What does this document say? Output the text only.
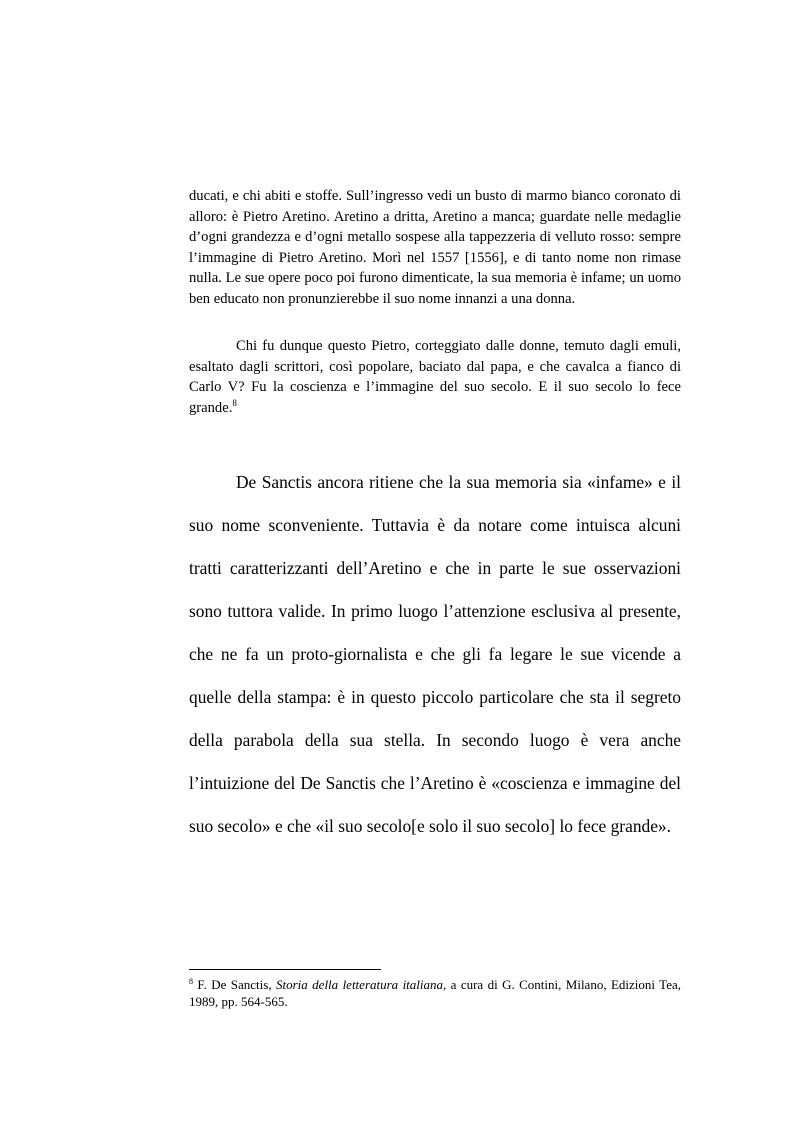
ducati, e chi abiti e stoffe. Sull’ingresso vedi un busto di marmo bianco coronato di alloro: è Pietro Aretino. Aretino a dritta, Aretino a manca; guardate nelle medaglie d’ogni grandezza e d’ogni metallo sospese alla tappezzeria di velluto rosso: sempre l’immagine di Pietro Aretino. Morì nel 1557 [1556], e di tanto nome non rimase nulla. Le sue opere poco poi furono dimenticate, la sua memoria è infame; un uomo ben educato non pronunzierebbe il suo nome innanzi a una donna.

Chi fu dunque questo Pietro, corteggiato dalle donne, temuto dagli emuli, esaltato dagli scrittori, così popolare, baciato dal papa, e che cavalca a fianco di Carlo V? Fu la coscienza e l’immagine del suo secolo. E il suo secolo lo fece grande.$^8$

De Sanctis ancora ritiene che la sua memoria sia «infame» e il suo nome sconveniente. Tuttavia è da notare come intuisca alcuni tratti caratterizzanti dell’Aretino e che in parte le sue osservazioni sono tuttora valide. In primo luogo l’attenzione esclusiva al presente, che ne fa un proto-giornalista e che gli fa legare le sue vicende a quelle della stampa: è in questo piccolo particolare che sta il segreto della parabola della sua stella. In secondo luogo è vera anche l’intuizione del De Sanctis che l’Aretino è «coscienza e immagine del suo secolo» e che «il suo secolo[e solo il suo secolo] lo fece grande».

$^8$ F. De Sanctis, Storia della letteratura italiana, a cura di G. Contini, Milano, Edizioni Tea, 1989, pp. 564-565.
